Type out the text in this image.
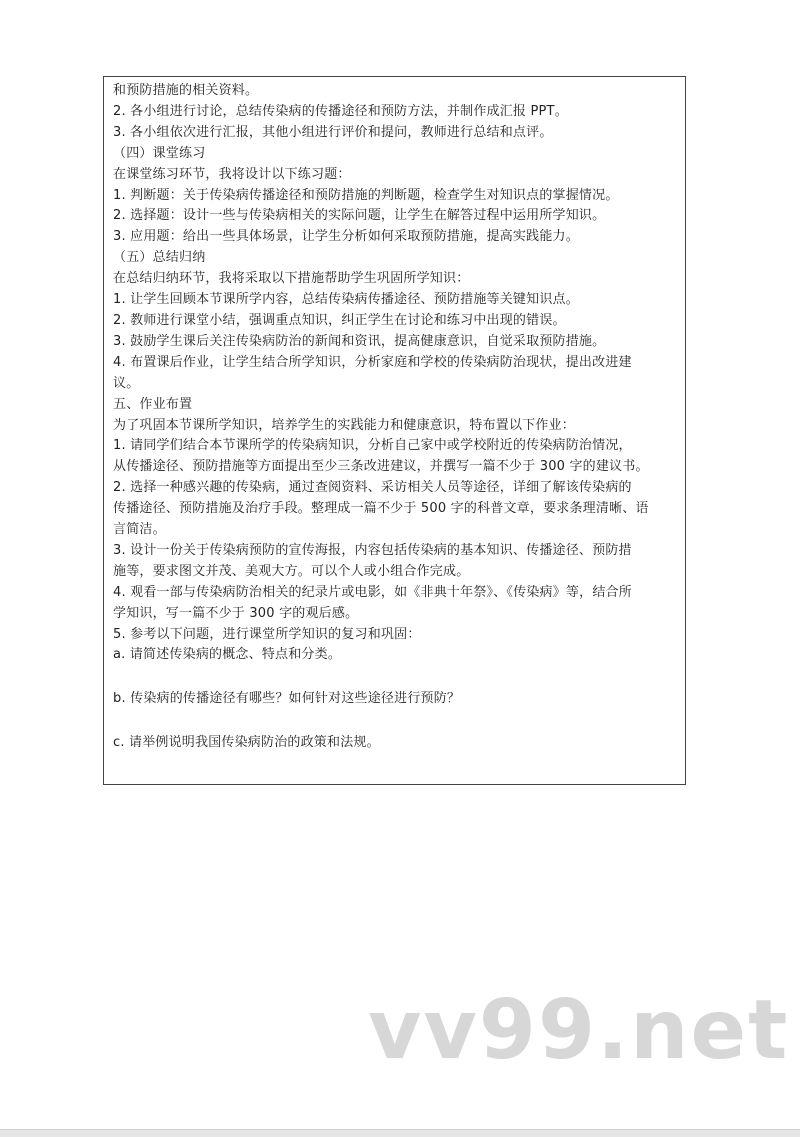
和预防措施的相关资料。
2. 各小组进行讨论，总结传染病的传播途径和预防方法，并制作成汇报 PPT。
3. 各小组依次进行汇报，其他小组进行评价和提问，教师进行总结和点评。
（四）课堂练习
在课堂练习环节，我将设计以下练习题：
1. 判断题：关于传染病传播途径和预防措施的判断题，检查学生对知识点的掌握情况。
2. 选择题：设计一些与传染病相关的实际问题，让学生在解答过程中运用所学知识。
3. 应用题：给出一些具体场景，让学生分析如何采取预防措施，提高实践能力。
（五）总结归纳
在总结归纳环节，我将采取以下措施帮助学生巩固所学知识：
1. 让学生回顾本节课所学内容，总结传染病传播途径、预防措施等关键知识点。
2. 教师进行课堂小结，强调重点知识，纠正学生在讨论和练习中出现的错误。
3. 鼓励学生课后关注传染病防治的新闻和资讯，提高健康意识，自觉采取预防措施。
4. 布置课后作业，让学生结合所学知识，分析家庭和学校的传染病防治现状，提出改进建
议。
五、作业布置
为了巩固本节课所学知识，培养学生的实践能力和健康意识，特布置以下作业：
1. 请同学们结合本节课所学的传染病知识，分析自己家中或学校附近的传染病防治情况，
从传播途径、预防措施等方面提出至少三条改进建议，并撰写一篇不少于 300 字的建议书。
2. 选择一种感兴趣的传染病，通过查阅资料、采访相关人员等途径，详细了解该传染病的
传播途径、预防措施及治疗手段。整理成一篇不少于 500 字的科普文章，要求条理清晰、语
言简洁。
3. 设计一份关于传染病预防的宣传海报，内容包括传染病的基本知识、传播途径、预防措
施等，要求图文并茂、美观大方。可以个人或小组合作完成。
4. 观看一部与传染病防治相关的纪录片或电影，如《非典十年祭》、《传染病》等，结合所
学知识，写一篇不少于 300 字的观后感。
5. 参考以下问题，进行课堂所学知识的复习和巩固：
a. 请简述传染病的概念、特点和分类。
b. 传染病的传播途径有哪些？如何针对这些途径进行预防？
c. 请举例说明我国传染病防治的政策和法规。
vv99.net
